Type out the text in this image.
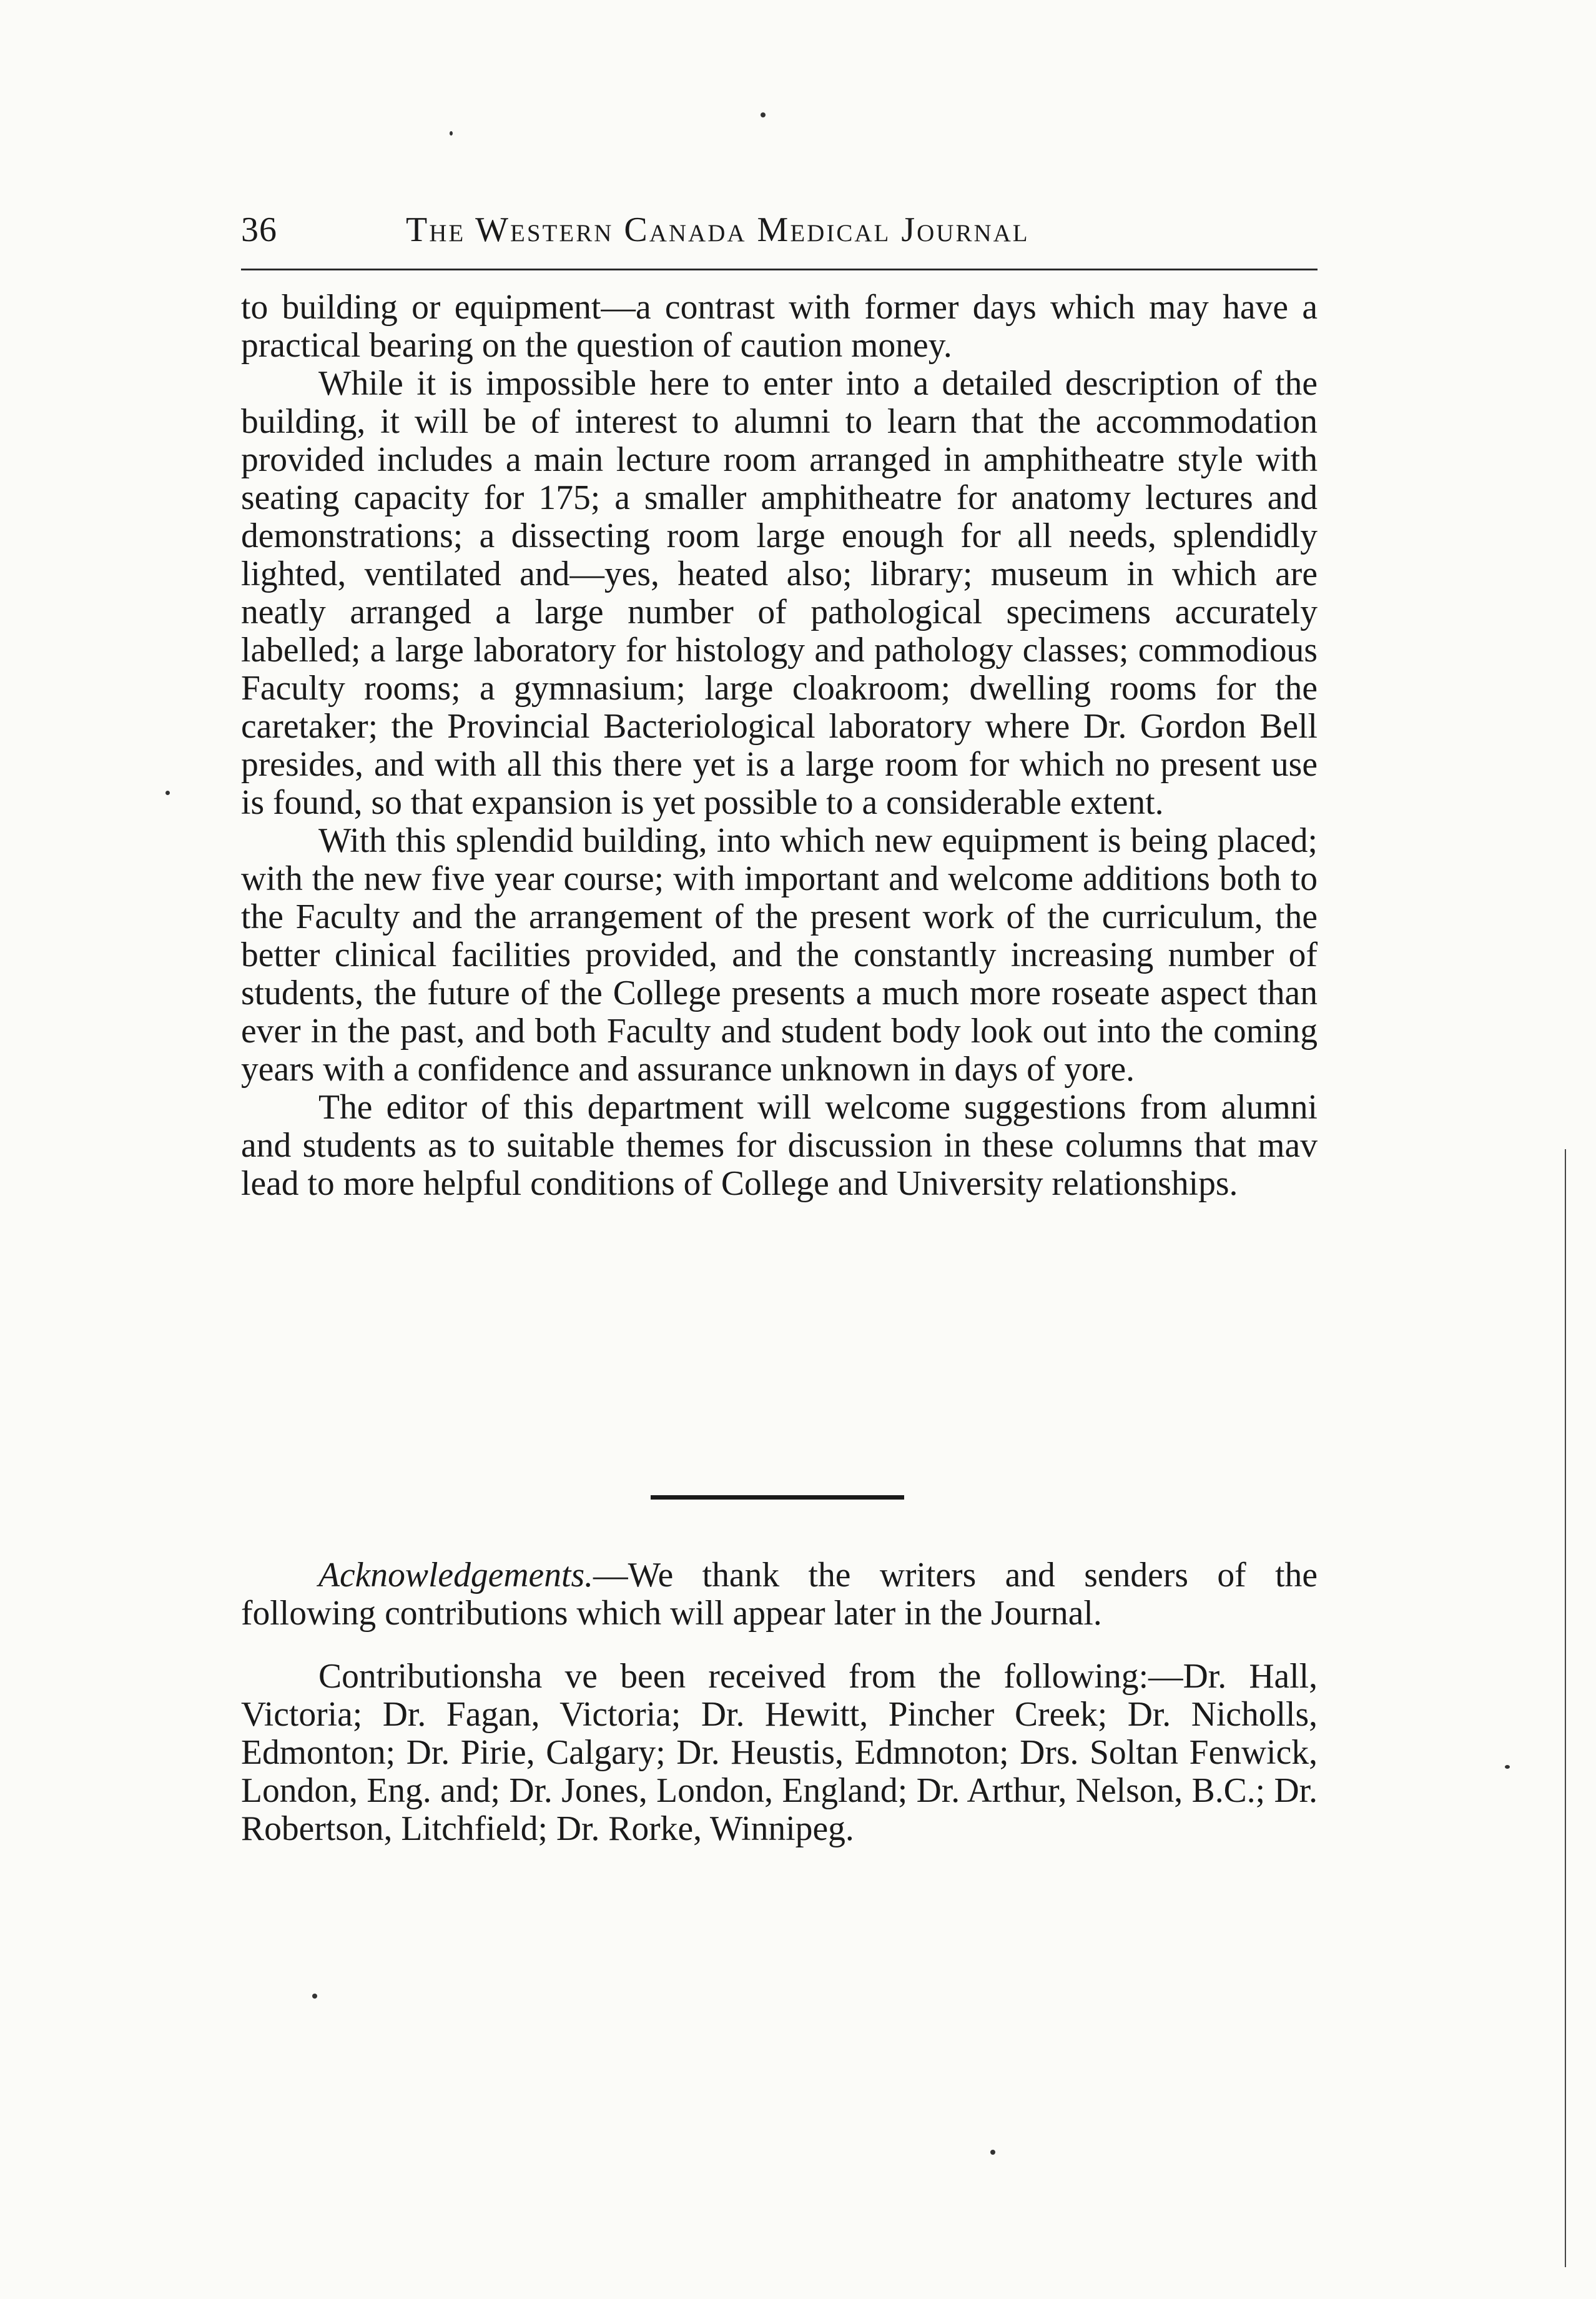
36	The Western Canada Medical Journal

to building or equipment—a contrast with former days which may have a practical bearing on the question of caution money.

While it is impossible here to enter into a detailed description of the building, it will be of interest to alumni to learn that the accommodation provided includes a main lecture room arranged in amphitheatre style with seating capacity for 175; a smaller amphitheatre for anatomy lectures and demonstrations; a dissecting room large enough for all needs, splendidly lighted, ventilated and—yes, heated also; library; museum in which are neatly arranged a large number of pathological specimens accurately labelled; a large laboratory for histology and pathology classes; commodious Faculty rooms; a gymnasium; large cloakroom; dwelling rooms for the caretaker; the Provincial Bacteriological laboratory where Dr. Gordon Bell presides, and with all this there yet is a large room for which no present use is found, so that expansion is yet possible to a considerable extent.

With this splendid building, into which new equipment is being placed; with the new five year course; with important and welcome additions both to the Faculty and the arrangement of the present work of the curriculum, the better clinical facilities provided, and the constantly increasing number of students, the future of the College presents a much more roseate aspect than ever in the past, and both Faculty and student body look out into the coming years with a confidence and assurance unknown in days of yore.

The editor of this department will welcome suggestions from alumni and students as to suitable themes for discussion in these columns that mav lead to more helpful conditions of College and University relationships.

Acknowledgements.—We thank the writers and senders of the following contributions which will appear later in the Journal.

Contributionsha ve been received from the following:—Dr. Hall, Victoria; Dr. Fagan, Victoria; Dr. Hewitt, Pincher Creek; Dr. Nicholls, Edmonton; Dr. Pirie, Calgary; Dr. Heustis, Edmnoton; Drs. Soltan Fenwick, London, Eng. and; Dr. Jones, London, England; Dr. Arthur, Nelson, B.C.; Dr. Robertson, Litchfield; Dr. Rorke, Winnipeg.
